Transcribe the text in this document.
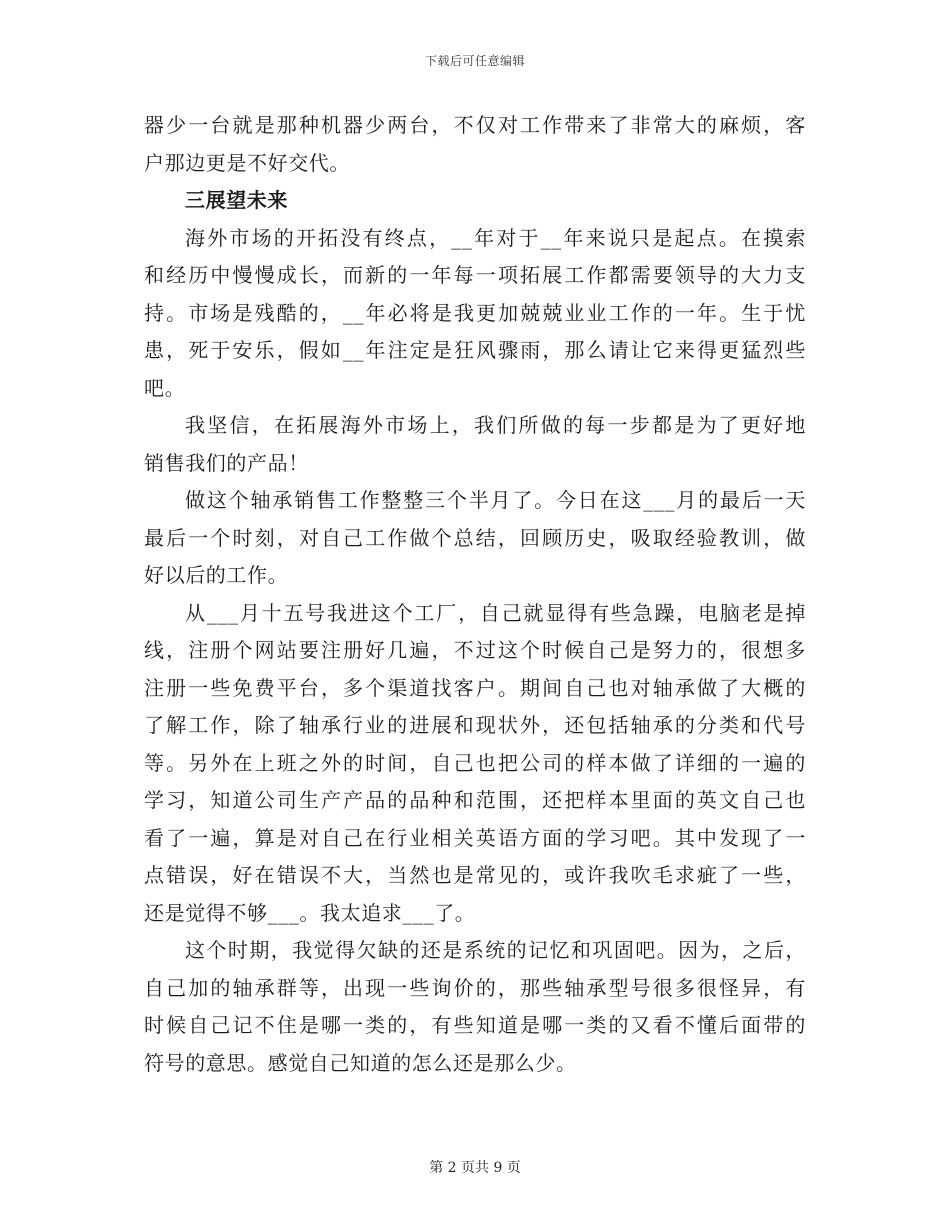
下载后可任意编辑
器少一台就是那种机器少两台，不仅对工作带来了非常大的麻烦，客
户那边更是不好交代。
三展望未来
海外市场的开拓没有终点，__年对于__年来说只是起点。在摸索
和经历中慢慢成长，而新的一年每一项拓展工作都需要领导的大力支
持。市场是残酷的，__年必将是我更加兢兢业业工作的一年。生于忧
患，死于安乐，假如__年注定是狂风骤雨，那么请让它来得更猛烈些
吧。
我坚信，在拓展海外市场上，我们所做的每一步都是为了更好地
销售我们的产品！
做这个轴承销售工作整整三个半月了。今日在这___月的最后一天
最后一个时刻，对自己工作做个总结，回顾历史，吸取经验教训，做
好以后的工作。
从___月十五号我进这个工厂，自己就显得有些急躁，电脑老是掉
线，注册个网站要注册好几遍，不过这个时候自己是努力的，很想多
注册一些免费平台，多个渠道找客户。期间自己也对轴承做了大概的
了解工作，除了轴承行业的进展和现状外，还包括轴承的分类和代号
等。另外在上班之外的时间，自己也把公司的样本做了详细的一遍的
学习，知道公司生产产品的品种和范围，还把样本里面的英文自己也
看了一遍，算是对自己在行业相关英语方面的学习吧。其中发现了一
点错误，好在错误不大，当然也是常见的，或许我吹毛求疵了一些，
还是觉得不够___。我太追求___了。
这个时期，我觉得欠缺的还是系统的记忆和巩固吧。因为，之后，
自己加的轴承群等，出现一些询价的，那些轴承型号很多很怪异，有
时候自己记不住是哪一类的，有些知道是哪一类的又看不懂后面带的
符号的意思。感觉自己知道的怎么还是那么少。
第 2 页共 9 页
